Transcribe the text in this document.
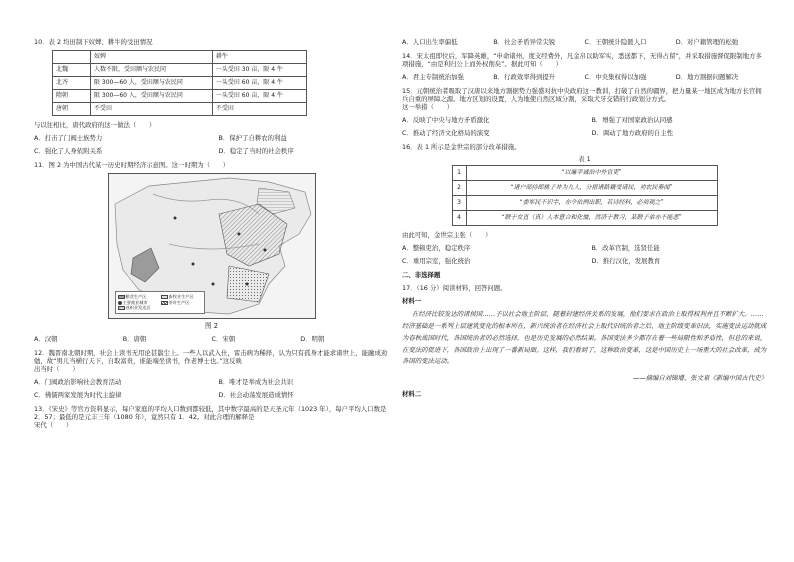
10．表 2 均田制下奴婢、耕牛的受田情况

	奴婢	耕牛
北魏	人数不限，受田额与农民同	一头受田 30 亩，限 4 牛
北齐	限 300—60 人，受田额与农民同	一头受田 60 亩，限 4 牛
隋朝	限 300—60 人，受田额与农民同	一头受田 60 亩，限 4 牛
唐朝	不受田	不受田

与以往相比，唐代政府的这一做法（　　）

A．打击了门阀士族势力	B．保护了自耕农的利益
C．强化了人身依附关系	D．稳定了当时的社会秩序

11．图 2 为中国古代某一历史时期经济示意图。这一时期为（　　）

粮食生产区	畜牧业生产区
主要商业城市	茶叶生产区
丝织业发达区

图 2

A．汉朝	B．唐朝	C．宋朝	D．明朝

12．魏晋南北朝时期，社会上读书无用论甚嚣尘上。一些人以武入仕，雷击病为稀择，认为只有孤身才能求诸世上，能融成劝勉，故“男儿当横行天下，自取富贵，谁能端坐读书，作老博士也。”这反映

出当时（　　）

A．门阀政治影响社会教育活动	B．唯才是举成为社会共识
C．佛儒两家发展为时代主旋律	D．社会动荡发展造成情怀

13．《宋史》等官方资料显示，每户家庭的平均人口数到都较低，其中数字最高的是天圣元年（1023 年），每户平均人口数是 2．57；最低的是元丰三年（1080 年），竟然只有 1．42。对此合理的解释是

宋代（　　）

A．人口出生率偏低	B．社会矛盾异常尖锐	C．王朝统计隐匿人口	D．对户籍管理的松弛

14．宋太祖即位后，军降英雄，“申命诸州，度支经费外，凡金帛以助军实，悉送都下，无得占留”，并采取措施督促限制地方多项措施，“由是利归公上而外权削矣”。据此可知（　　）

A．君主专制统治加强	B．行政效率得到提升	C．中央集权得以加强	D．地方割据问题解决

15．元朝统治者吸取了汉唐以来地方割据势力强盛对抗中央政府这一教训，打破了自然的疆界，把力量某一地区成为地方长官拥兵自重的屏障之源。地方区划的设置，人为地使自然区域分割，采取犬牙交错的行政划分方式。

这一举措（　　）

A．反映了中央与地方矛盾激化	B．增强了对国家政治认同感
C．推动了经济文化格局的演变	D．调动了地方政府的自主性

16．表 1 所示是金世宗的部分改革措施。

表 1

1	“以廉平诚治中外官吏”
2	“诸户部侍郎桃子并为九人，分措诸路籍受请民，劝农民奏闻”
3	“委军民不识字，亦令依例出职，若诗经科，必须观之”
4	“联于女直（真）人本意合和化恤，然济于教习，某联子弟亦不能悉”

由此可知，金世宗主张（　　）

A．整顿吏治，稳定秩序	B．改革官制，选贤任能
C．重用宗室，强化统治	D．推行汉化，发展教育

二、非选择题

17．（16 分）阅读材料，回答问题。

材料一

在经济比较发达的诸侯国……予以社会地主阶层，随着封建经济关系的发展，他们要求在政治上取得权利并且不断扩大。……经济基础是一系列上层建筑变化的根本所在，新兴统治者在经济社会上取代旧统治者之后，地主阶级变革旧法，实施变法运动就成为春秋战国时代，各国统治者的必然选择，也是历史发展的必然结果。各国变法多少都存在着一些局限性和矛盾性，但总的来说，在变法的促进下，各国政治上出现了一番新局面。这样，我们看到了，这种政治变革，这是中国历史上一场重大的社会改革，成为各国的变法运动。

——摘编自刘锦增、张文泉《新编中国古代史》

材料二
